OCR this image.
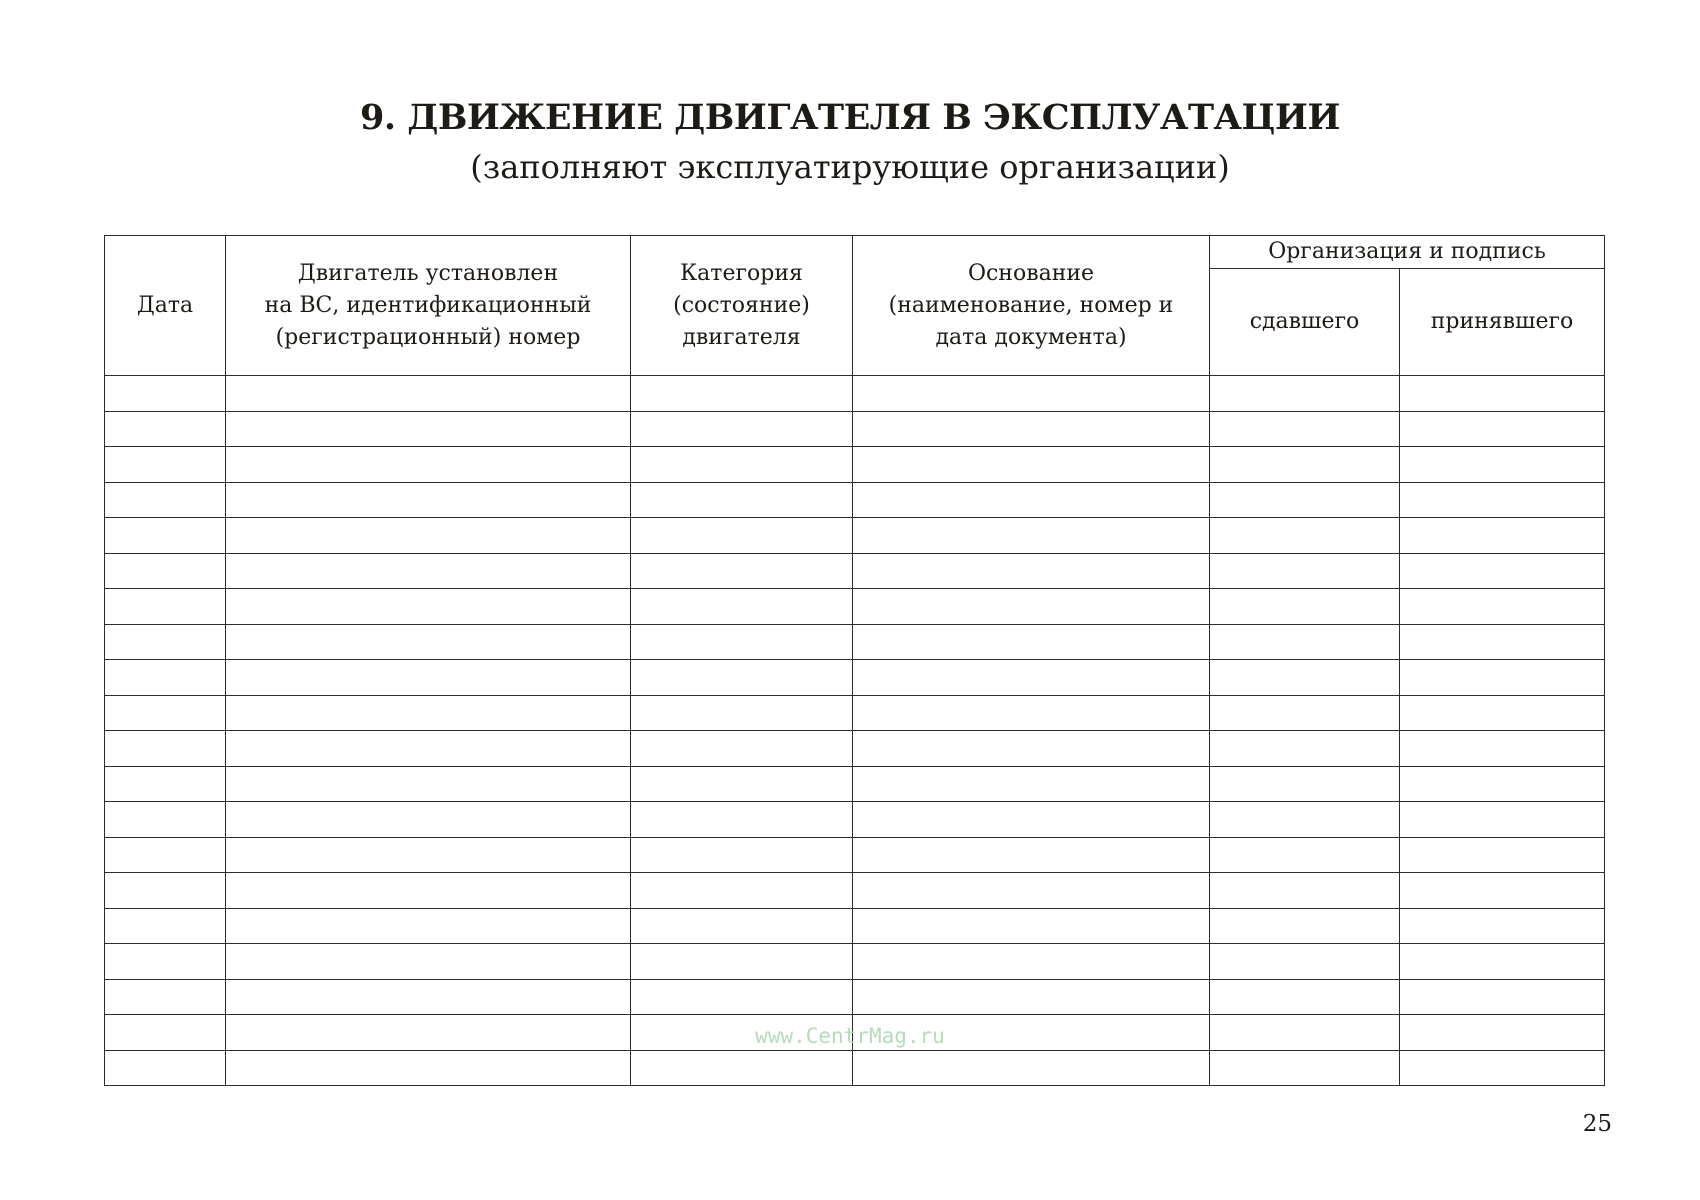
9. ДВИЖЕНИЕ ДВИГАТЕЛЯ В ЭКСПЛУАТАЦИИ
(заполняют эксплуатирующие организации)
Дата	Двигатель установлен
на ВС, идентификационный
(регистрационный) номер	Категория
(состояние)
двигателя	Основание
(наименование, номер и
дата документа)	Организация и подпись	
				сдавшего	принявшего

www.CentrMag.ru
25
